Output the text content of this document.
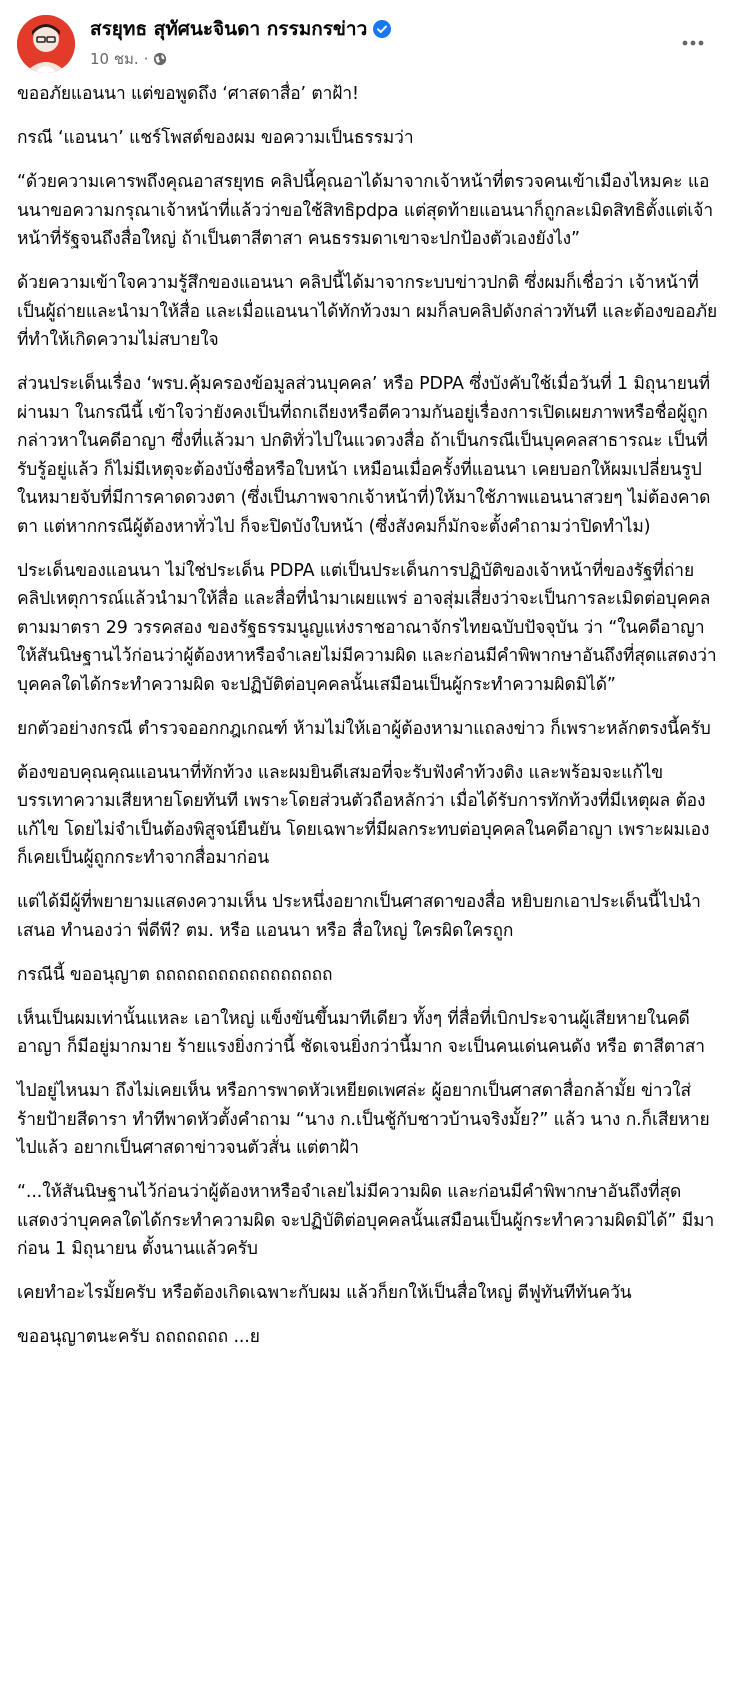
สรยุทธ สุทัศนะจินดา กรรมกรข่าว
10 ชม. ·

ขออภัยแอนนา แต่ขอพูดถึง ‘ศาสดาสื่อ’ ตาฝ้า!

กรณี ‘แอนนา’ แชร์โพสต์ของผม ขอความเป็นธรรมว่า

“ด้วยความเคารพถึงคุณอาสรยุทธ คลิปนี้คุณอาได้มาจากเจ้าหน้าที่ตรวจคนเข้าเมืองไหมคะ แอนนาขอความกรุณาเจ้าหน้าที่แล้วว่าขอใช้สิทธิpdpa แต่สุดท้ายแอนนาก็ถูกละเมิดสิทธิตั้งแต่เจ้าหน้าที่รัฐจนถึงสื่อใหญ่ ถ้าเป็นตาสีตาสา คนธรรมดาเขาจะปกป้องตัวเองยังไง”

ด้วยความเข้าใจความรู้สึกของแอนนา คลิปนี้ได้มาจากระบบข่าวปกติ ซึ่งผมก็เชื่อว่า เจ้าหน้าที่เป็นผู้ถ่ายและนำมาให้สื่อ และเมื่อแอนนาได้ทักท้วงมา ผมก็ลบคลิปดังกล่าวทันที และต้องขออภัยที่ทำให้เกิดความไม่สบายใจ

ส่วนประเด็นเรื่อง ‘พรบ.คุ้มครองข้อมูลส่วนบุคคล’ หรือ PDPA ซึ่งบังคับใช้เมื่อวันที่ 1 มิถุนายนที่ผ่านมา ในกรณีนี้ เข้าใจว่ายังคงเป็นที่ถกเถียงหรือตีความกันอยู่เรื่องการเปิดเผยภาพหรือชื่อผู้ถูกกล่าวหาในคดีอาญา ซึ่งที่แล้วมา ปกติทั่วไปในแวดวงสื่อ ถ้าเป็นกรณีเป็นบุคคลสาธารณะ เป็นที่รับรู้อยู่แล้ว ก็ไม่มีเหตุจะต้องบังชื่อหรือใบหน้า เหมือนเมื่อครั้งที่แอนนา เคยบอกให้ผมเปลี่ยนรูปในหมายจับที่มีการคาดดวงตา (ซึ่งเป็นภาพจากเจ้าหน้าที่)ให้มาใช้ภาพแอนนาสวยๆ ไม่ต้องคาดตา แต่หากกรณีผู้ต้องหาทั่วไป ก็จะปิดบังใบหน้า (ซึ่งสังคมก็มักจะตั้งคำถามว่าปิดทำไม)

ประเด็นของแอนนา ไม่ใช่ประเด็น PDPA แต่เป็นประเด็นการปฏิบัติของเจ้าหน้าที่ของรัฐที่ถ่ายคลิปเหตุการณ์แล้วนำมาให้สื่อ และสื่อที่นำมาเผยแพร่ อาจสุ่มเสี่ยงว่าจะเป็นการละเมิดต่อบุคคล ตามมาตรา 29 วรรคสอง ของรัฐธรรมนูญแห่งราชอาณาจักรไทยฉบับปัจจุบัน ว่า “ในคดีอาญา ให้สันนิษฐานไว้ก่อนว่าผู้ต้องหาหรือจำเลยไม่มีความผิด และก่อนมีคำพิพากษาอันถึงที่สุดแสดงว่าบุคคลใดได้กระทำความผิด จะปฏิบัติต่อบุคคลนั้นเสมือนเป็นผู้กระทำความผิดมิได้”

ยกตัวอย่างกรณี ตำรวจออกกฎเกณฑ์ ห้ามไม่ให้เอาผู้ต้องหามาแถลงข่าว ก็เพราะหลักตรงนี้ครับ

ต้องขอบคุณคุณแอนนาที่ทักท้วง และผมยินดีเสมอที่จะรับฟังคำท้วงติง และพร้อมจะแก้ไขบรรเทาความเสียหายโดยทันที เพราะโดยส่วนตัวถือหลักว่า เมื่อได้รับการทักท้วงที่มีเหตุผล ต้องแก้ไข โดยไม่จำเป็นต้องพิสูจน์ยืนยัน โดยเฉพาะที่มีผลกระทบต่อบุคคลในคดีอาญา เพราะผมเองก็เคยเป็นผู้ถูกกระทำจากสื่อมาก่อน

แต่ได้มีผู้ที่พยายามแสดงความเห็น ประหนึ่งอยากเป็นศาสดาของสื่อ หยิบยกเอาประเด็นนี้ไปนำเสนอ ทำนองว่า พี่ดีพี? ตม. หรือ แอนนา หรือ สื่อใหญ่ ใครผิดใครถูก

กรณีนี้ ขออนุญาต ถถถถถถถถถถถถถถถถถ

เห็นเป็นผมเท่านั้นแหละ เอาใหญ่ แข็งขันขึ้นมาทีเดียว ทั้งๆ ที่สื่อที่เบิกประจานผู้เสียหายในคดีอาญา ก็มีอยู่มากมาย ร้ายแรงยิ่งกว่านี้ ชัดเจนยิ่งกว่านี้มาก จะเป็นคนเด่นคนดัง หรือ ตาสีตาสา

ไปอยู่ไหนมา ถึงไม่เคยเห็น หรือการพาดหัวเหยียดเพศล่ะ ผู้อยากเป็นศาสดาสื่อกล้ามั้ย ข่าวใส่ร้ายป้ายสีดารา ทำทีพาดหัวตั้งคำถาม “นาง ก.เป็นชู้กับชาวบ้านจริงมั้ย?” แล้ว นาง ก.ก็เสียหายไปแล้ว อยากเป็นศาสดาข่าวจนตัวสั่น แต่ตาฝ้า

“...ให้สันนิษฐานไว้ก่อนว่าผู้ต้องหาหรือจำเลยไม่มีความผิด และก่อนมีคำพิพากษาอันถึงที่สุดแสดงว่าบุคคลใดได้กระทำความผิด จะปฏิบัติต่อบุคคลนั้นเสมือนเป็นผู้กระทำความผิดมิได้” มีมาก่อน 1 มิถุนายน ตั้งนานแล้วครับ

เคยทำอะไรมั้ยครับ หรือต้องเกิดเฉพาะกับผม แล้วก็ยกให้เป็นสื่อใหญ่ ตีฟูทันทีทันควัน

ขออนุญาตนะครับ ถถถถถถถ ...ย
